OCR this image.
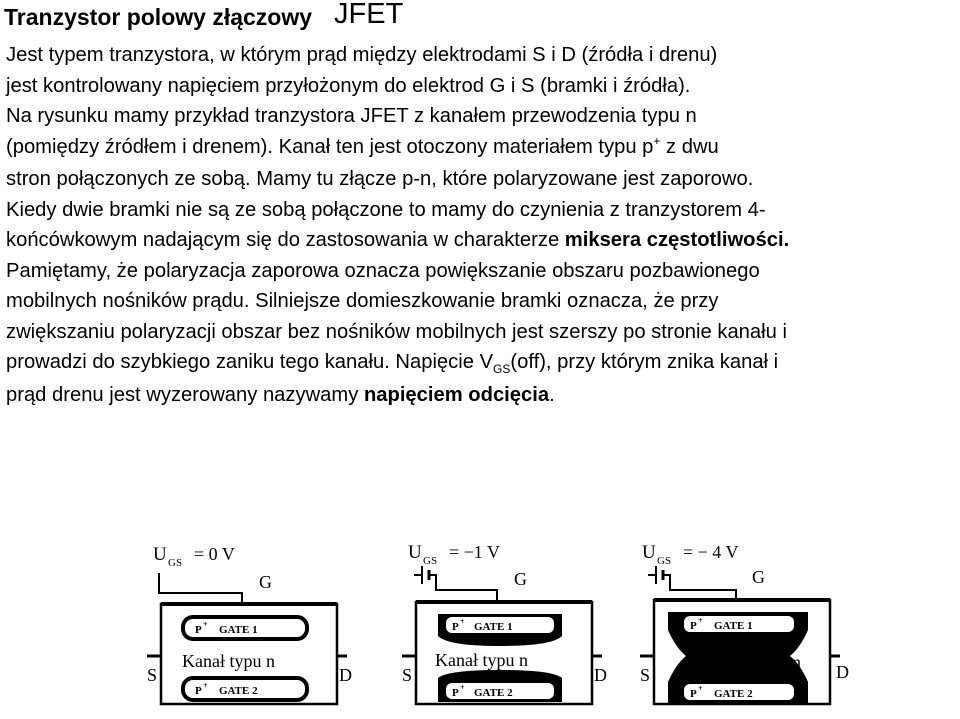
Tranzystor polowy złączowy JFET
Jest typem tranzystora, w którym prąd między elektrodami S i D (źródła i drenu)
jest kontrolowany napięciem przyłożonym do elektrod G i S (bramki i źródła).
Na rysunku mamy przykład tranzystora JFET z kanałem przewodzenia typu n
(pomiędzy źródłem i drenem). Kanał ten jest otoczony materiałem typu p+ z dwu
stron połączonych ze sobą. Mamy tu złącze p-n, które polaryzowane jest zaporowo.
Kiedy dwie bramki nie są ze sobą połączone to mamy do czynienia z tranzystorem 4-
końcówkowym nadającym się do zastosowania w charakterze miksera częstotliwości.
Pamiętamy, że polaryzacja zaporowa oznacza powiększanie obszaru pozbawionego
mobilnych nośników prądu. Silniejsze domieszkowanie bramki oznacza, że przy
zwiększaniu polaryzacji obszar bez nośników mobilnych jest szerszy po stronie kanału i
prowadzi do szybkiego zaniku tego kanału. Napięcie $V_{GS}(off)$, przy którym znika kanał i
prąd drenu jest wyzerowany nazywamy napięciem odcięcia.
U GS = 0 V
G
P + GATE 1
Kanał typu n
P + GATE 2
S	D
U GS = −1 V
G
P + GATE 1
Kanał typu n
P + GATE 2
S	D
U GS = − 4 V
G
P + GATE 1
n
P + GATE 2
S	D
